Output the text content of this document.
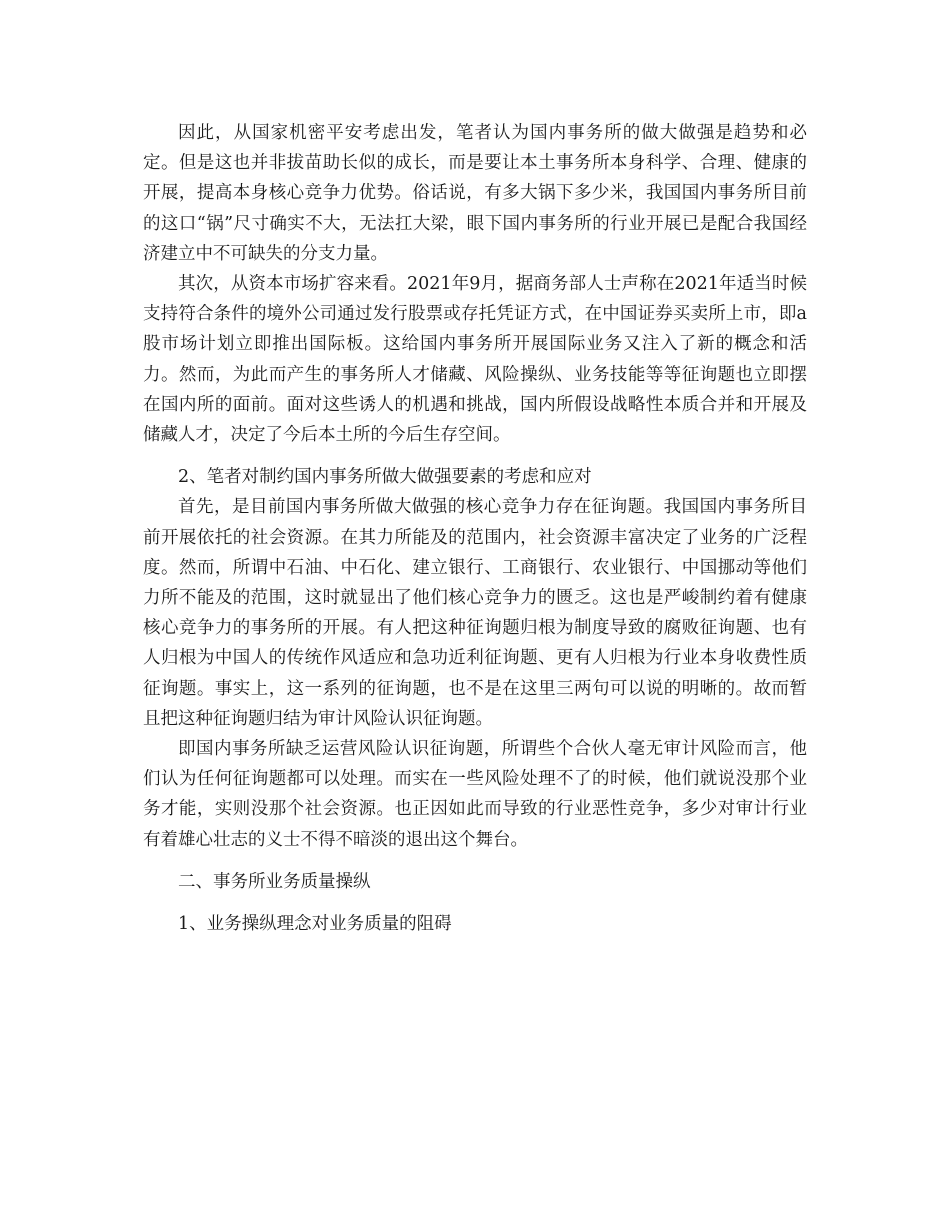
因此，从国家机密平安考虑出发，笔者认为国内事务所的做大做强是趋势和必定。但是这也并非拔苗助长似的成长，而是要让本土事务所本身科学、合理、健康的开展，提高本身核心竞争力优势。俗话说，有多大锅下多少米，我国国内事务所目前的这口“锅”尺寸确实不大，无法扛大梁，眼下国内事务所的行业开展已是配合我国经济建立中不可缺失的分支力量。

其次，从资本市场扩容来看。2021年9月，据商务部人士声称在2021年适当时候支持符合条件的境外公司通过发行股票或存托凭证方式，在中国证券买卖所上市，即a股市场计划立即推出国际板。这给国内事务所开展国际业务又注入了新的概念和活力。然而，为此而产生的事务所人才储藏、风险操纵、业务技能等等征询题也立即摆在国内所的面前。面对这些诱人的机遇和挑战，国内所假设战略性本质合并和开展及储藏人才，决定了今后本土所的今后生存空间。

2、笔者对制约国内事务所做大做强要素的考虑和应对

首先，是目前国内事务所做大做强的核心竞争力存在征询题。我国国内事务所目前开展依托的社会资源。在其力所能及的范围内，社会资源丰富决定了业务的广泛程度。然而，所谓中石油、中石化、建立银行、工商银行、农业银行、中国挪动等他们力所不能及的范围，这时就显出了他们核心竞争力的匮乏。这也是严峻制约着有健康核心竞争力的事务所的开展。有人把这种征询题归根为制度导致的腐败征询题、也有人归根为中国人的传统作风适应和急功近利征询题、更有人归根为行业本身收费性质征询题。事实上，这一系列的征询题，也不是在这里三两句可以说的明晰的。故而暂且把这种征询题归结为审计风险认识征询题。

即国内事务所缺乏运营风险认识征询题，所谓些个合伙人毫无审计风险而言，他们认为任何征询题都可以处理。而实在一些风险处理不了的时候，他们就说没那个业务才能，实则没那个社会资源。也正因如此而导致的行业恶性竞争，多少对审计行业有着雄心壮志的义士不得不暗淡的退出这个舞台。

二、事务所业务质量操纵

1、业务操纵理念对业务质量的阻碍
